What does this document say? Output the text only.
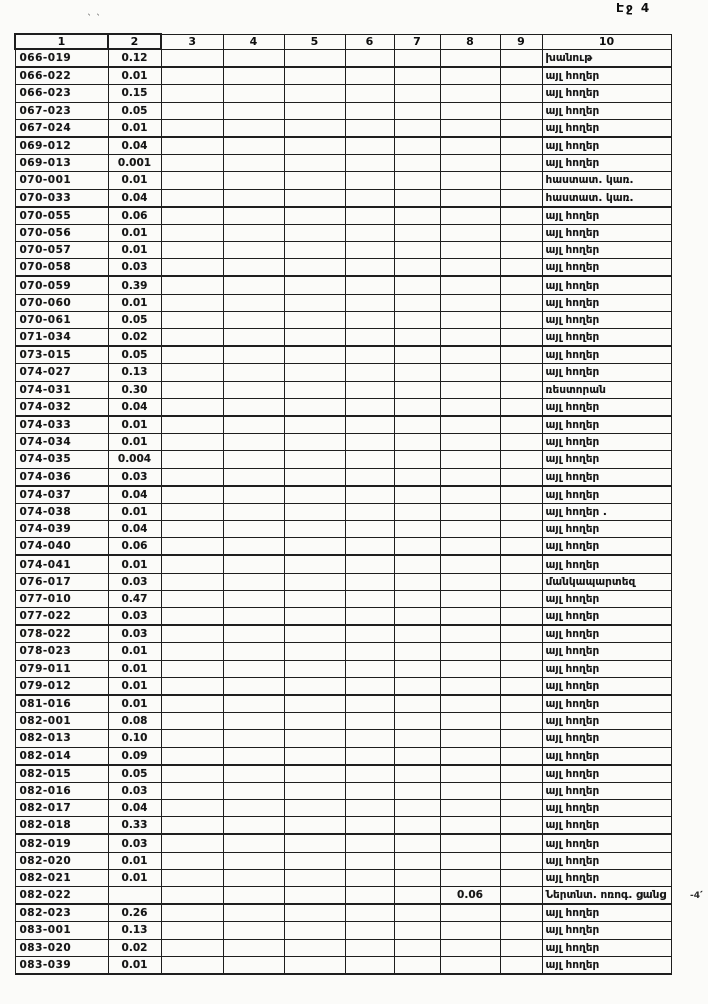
Էջ 4
՝ ՝
1	2	3	4	5	6	7	8	9	10
066-019	0.12								խանութ
066-022	0.01								այլ հողեր
066-023	0.15								այլ հողեր
067-023	0.05								այլ հողեր
067-024	0.01								այլ հողեր
069-012	0.04								այլ հողեր
069-013	0.001								այլ հողեր
070-001	0.01								հաստատ. կառ.
070-033	0.04								հաստատ. կառ.
070-055	0.06								այլ հողեր
070-056	0.01								այլ հողեր
070-057	0.01								այլ հողեր
070-058	0.03								այլ հողեր
070-059	0.39								այլ հողեր
070-060	0.01								այլ հողեր
070-061	0.05								այլ հողեր
071-034	0.02								այլ հողեր
073-015	0.05								այլ հողեր
074-027	0.13								այլ հողեր
074-031	0.30								ռեստորան
074-032	0.04								այլ հողեր
074-033	0.01								այլ հողեր
074-034	0.01								այլ հողեր
074-035	0.004								այլ հողեր
074-036	0.03								այլ հողեր
074-037	0.04								այլ հողեր
074-038	0.01								այլ հողեր .
074-039	0.04								այլ հողեր
074-040	0.06								այլ հողեր
074-041	0.01								այլ հողեր
076-017	0.03								մանկապարտեզ
077-010	0.47								այլ հողեր
077-022	0.03								այլ հողեր
078-022	0.03								այլ հողեր
078-023	0.01								այլ հողեր
079-011	0.01								այլ հողեր
079-012	0.01								այլ հողեր
081-016	0.01								այլ հողեր
082-001	0.08								այլ հողեր
082-013	0.10								այլ հողեր
082-014	0.09								այլ հողեր
082-015	0.05								այլ հողեր
082-016	0.03								այլ հողեր
082-017	0.04								այլ հողեր
082-018	0.33								այլ հողեր
082-019	0.03								այլ հողեր
082-020	0.01								այլ հողեր
082-021	0.01								այլ հողեր
082-022							0.06		Ներտնտ. ոռոգ. ցանց
082-023	0.26								այլ հողեր
083-001	0.13								այլ հողեր
083-020	0.02								այլ հողեր
083-039	0.01								այլ հողեր
-4՛
